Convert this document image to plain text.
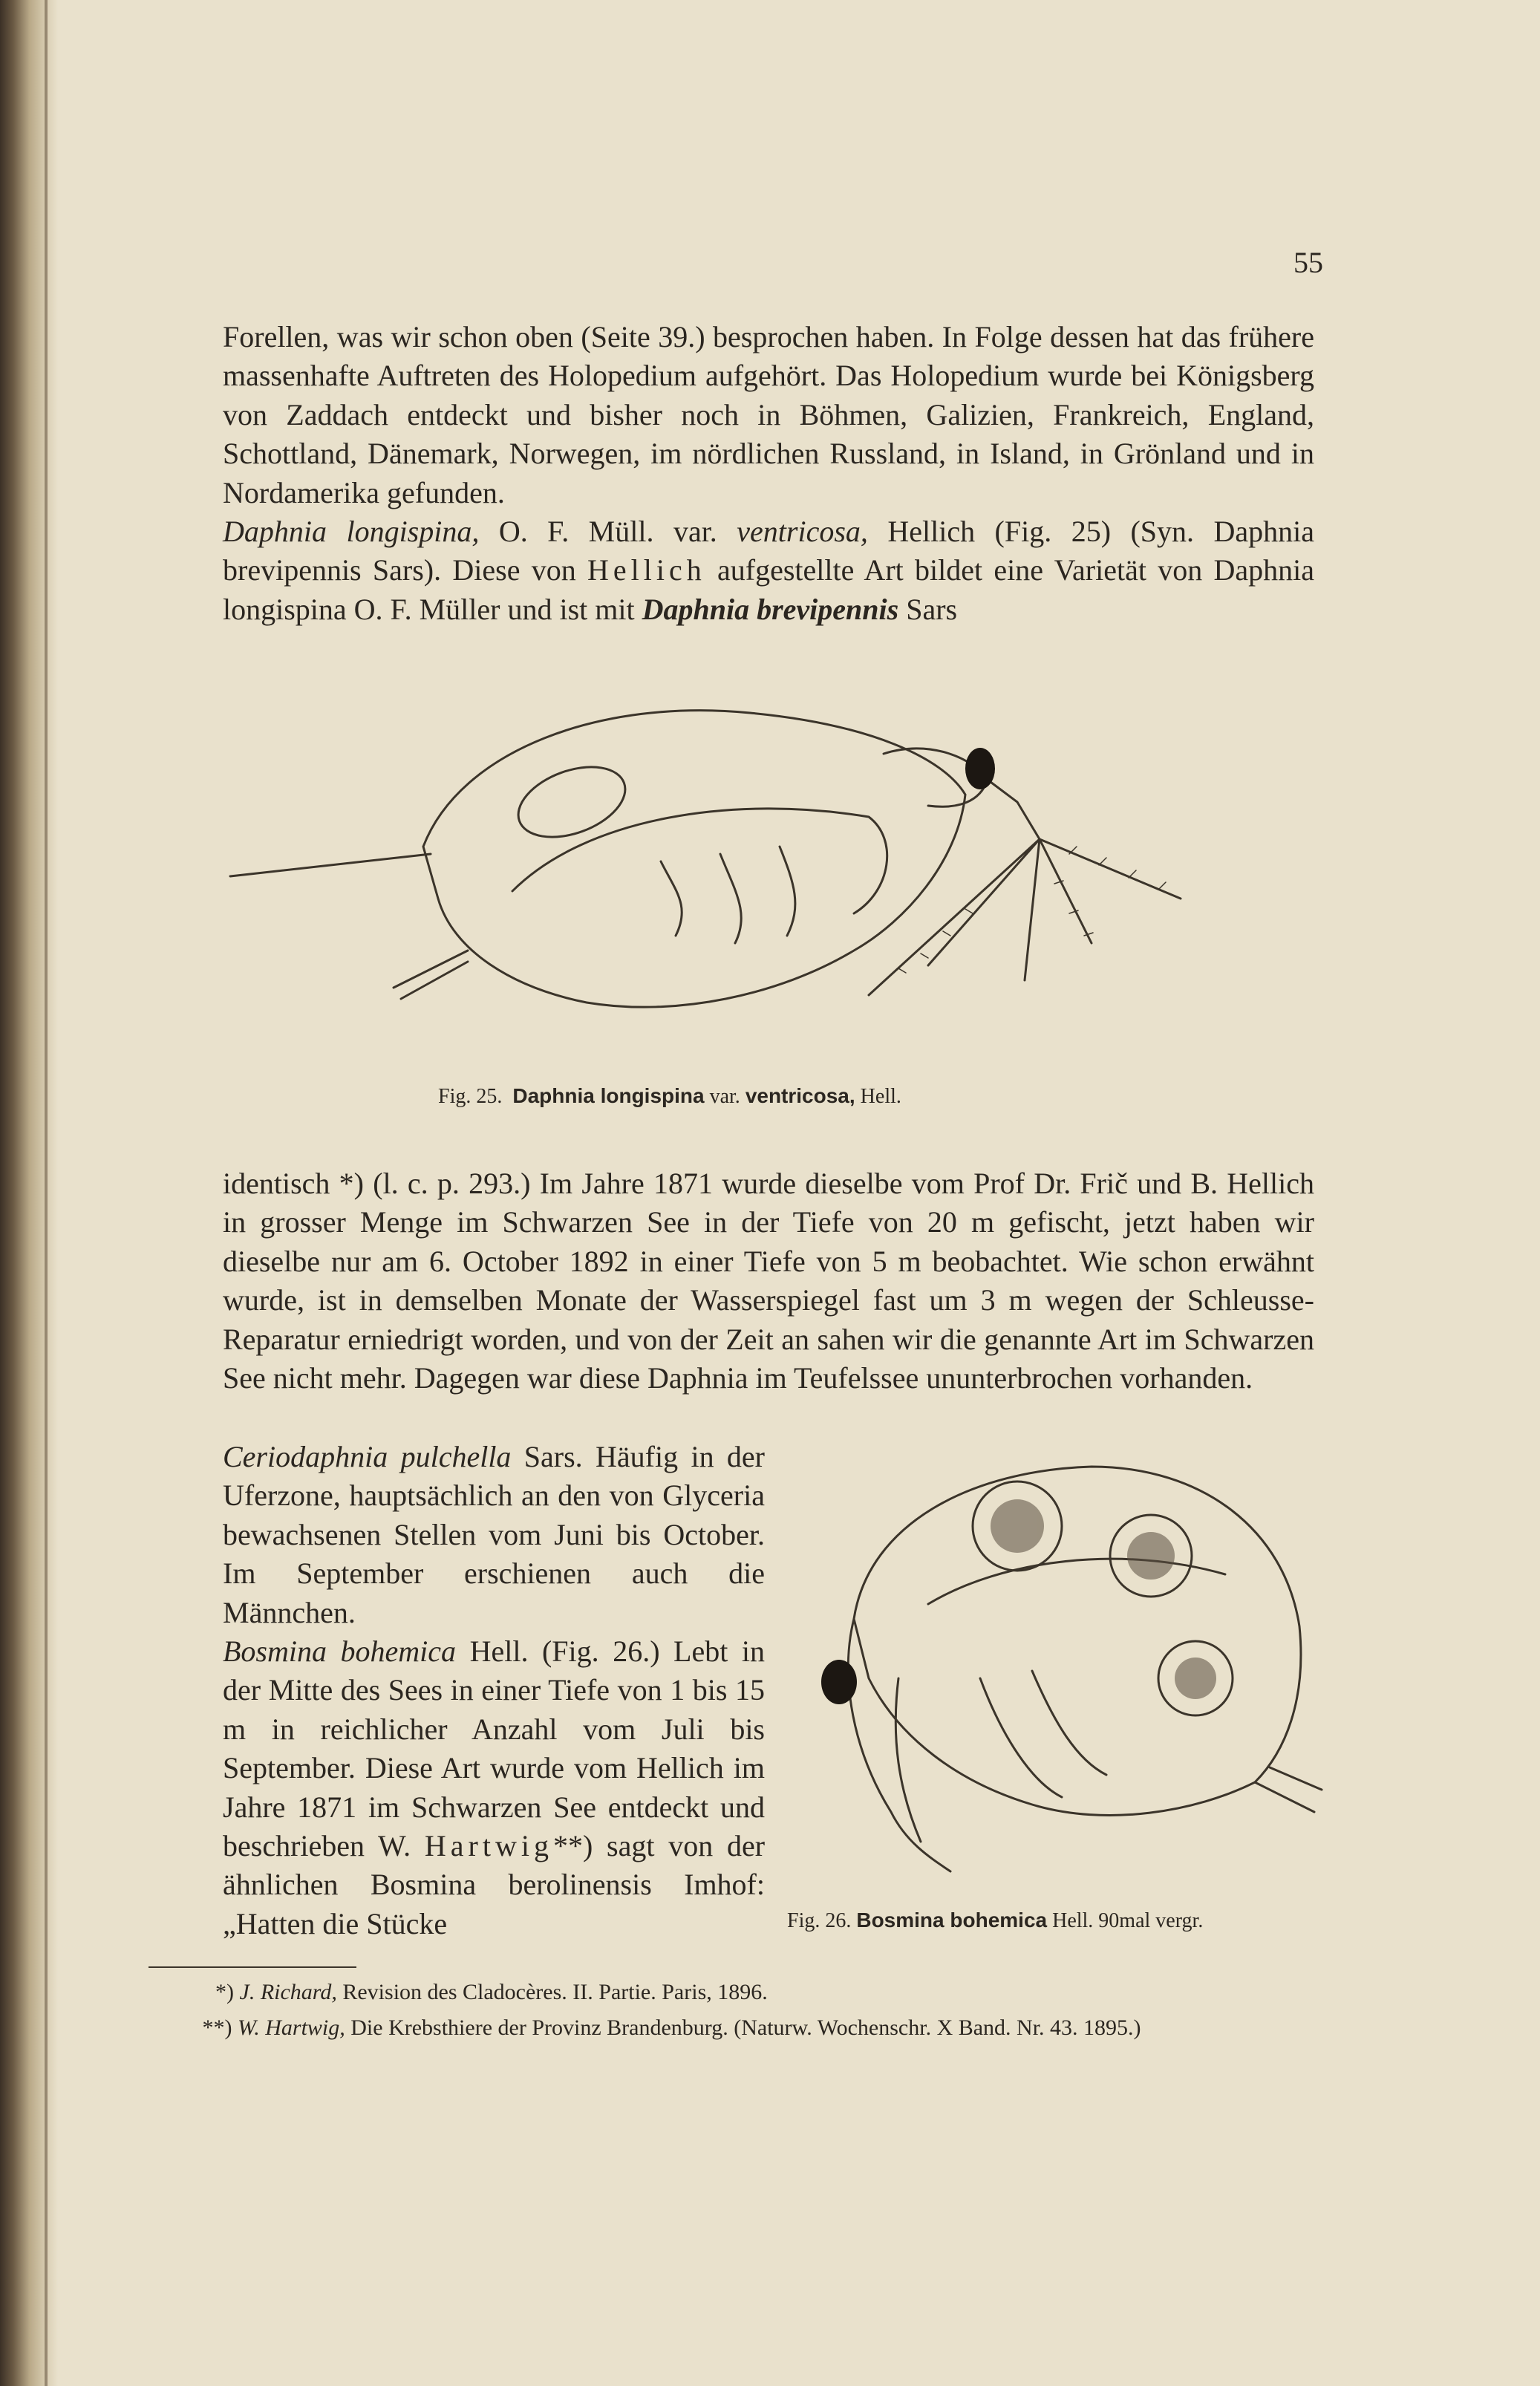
55

Forellen, was wir schon oben (Seite 39.) besprochen haben. In Folge dessen hat das frühere massenhafte Auftreten des Holopedium aufgehört. Das Holopedium wurde bei Königsberg von Zaddach entdeckt und bisher noch in Böhmen, Galizien, Frankreich, England, Schottland, Dänemark, Norwegen, im nördlichen Russland, in Island, in Grönland und in Nordamerika gefunden.

Daphnia longispina, O. F. Müll. var. ventricosa, Hellich (Fig. 25) (Syn. Daphnia brevipennis Sars). Diese von Hellich aufgestellte Art bildet eine Varietät von Daphnia longispina O. F. Müller und ist mit Daphnia brevipennis Sars

Fig. 25. Daphnia longispina var. ventricosa, Hell.

identisch *) (l. c. p. 293.) Im Jahre 1871 wurde dieselbe vom Prof Dr. Frič und B. Hellich in grosser Menge im Schwarzen See in der Tiefe von 20 m gefischt, jetzt haben wir dieselbe nur am 6. October 1892 in einer Tiefe von 5 m beobachtet. Wie schon erwähnt wurde, ist in demselben Monate der Wasserspiegel fast um 3 m wegen der Schleusse-Reparatur erniedrigt worden, und von der Zeit an sahen wir die genannte Art im Schwarzen See nicht mehr. Dagegen war diese Daphnia im Teufelssee ununterbrochen vorhanden.

Ceriodaphnia pulchella Sars. Häufig in der Uferzone, hauptsächlich an den von Glyceria bewachsenen Stellen vom Juni bis October. Im September erschienen auch die Männchen.

Bosmina bohemica Hell. (Fig. 26.) Lebt in der Mitte des Sees in einer Tiefe von 1 bis 15 m in reichlicher Anzahl vom Juli bis September. Diese Art wurde vom Hellich im Jahre 1871 im Schwarzen See entdeckt und beschrieben W. Hartwig**) sagt von der ähnlichen Bosmina berolinensis Imhof: „Hatten die Stücke	Fig. 26. Bosmina bohemica Hell. 90mal vergr.

*) J. Richard, Revision des Cladocères. II. Partie. Paris, 1896.

**) W. Hartwig, Die Krebsthiere der Provinz Brandenburg. (Naturw. Wochenschr. X Band. Nr. 43. 1895.)
